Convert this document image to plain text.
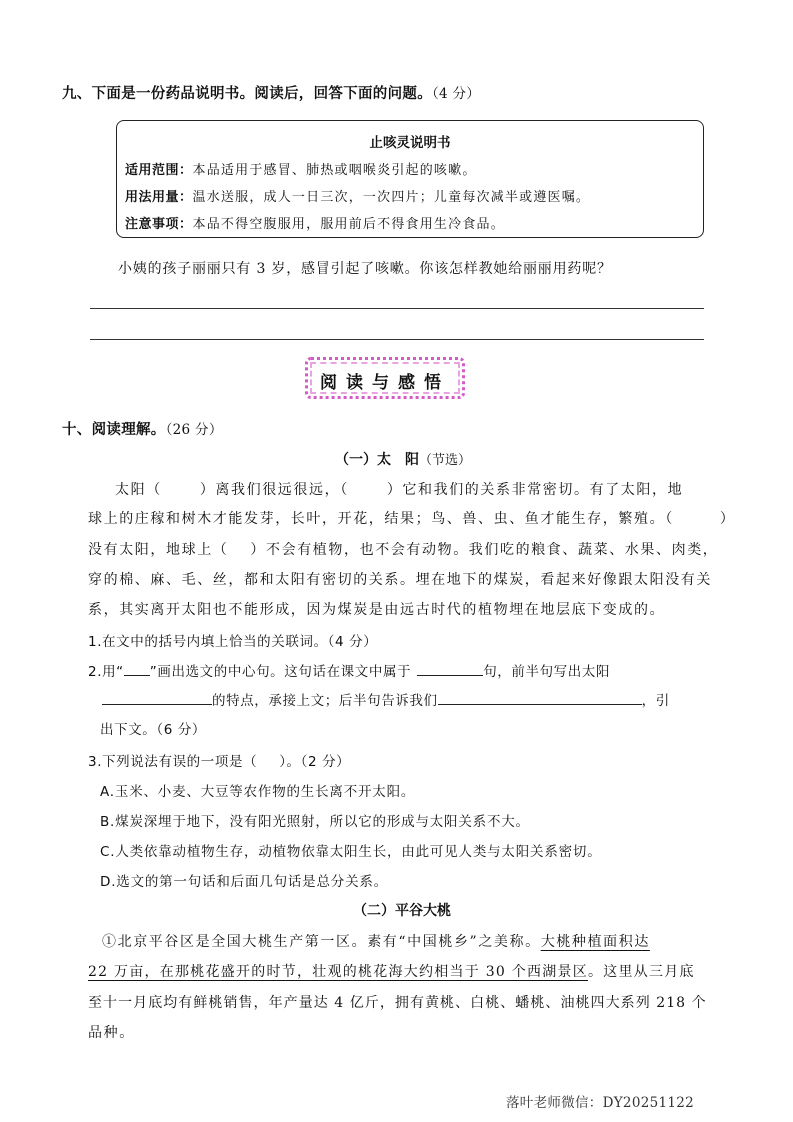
九、下面是一份药品说明书。阅读后，回答下面的问题。（4 分）
止咳灵说明书
适用范围：本品适用于感冒、肺热或咽喉炎引起的咳嗽。
用法用量：温水送服，成人一日三次，一次四片；儿童每次减半或遵医嘱。
注意事项：本品不得空腹服用，服用前后不得食用生冷食品。
小姨的孩子丽丽只有 3 岁，感冒引起了咳嗽。你该怎样教她给丽丽用药呢？
阅读与感悟
十、阅读理解。（26 分）
（一）太　阳（节选）
太阳（	）离我们很远很远，（	）它和我们的关系非常密切。有了太阳，地
球上的庄稼和树木才能发芽，长叶，开花，结果；鸟、兽、虫、鱼才能生存，繁殖。（	）
没有太阳，地球上（ ）不会有植物，也不会有动物。我们吃的粮食、蔬菜、水果、肉类，
穿的棉、麻、毛、丝，都和太阳有密切的关系。埋在地下的煤炭，看起来好像跟太阳没有关
系，其实离开太阳也不能形成，因为煤炭是由远古时代的植物埋在地层底下变成的。
1.在文中的括号内填上恰当的关联词。（4 分）
2.用“ ”画出选文的中心句。这句话在课文中属于	句，前半句写出太阳
的特点，承接上文；后半句告诉我们	，引
出下文。（6 分）
3.下列说法有误的一项是（ ）。（2 分）
A.玉米、小麦、大豆等农作物的生长离不开太阳。
B.煤炭深埋于地下，没有阳光照射，所以它的形成与太阳关系不大。
C.人类依靠动植物生存，动植物依靠太阳生长，由此可见人类与太阳关系密切。
D.选文的第一句话和后面几句话是总分关系。
（二）平谷大桃
①北京平谷区是全国大桃生产第一区。素有“中国桃乡”之美称。大桃种植面积达
22 万亩，在那桃花盛开的时节，壮观的桃花海大约相当于 30 个西湖景区。这里从三月底
至十一月底均有鲜桃销售，年产量达 4 亿斤，拥有黄桃、白桃、蟠桃、油桃四大系列 218 个
品种。
落叶老师微信：DY20251122
